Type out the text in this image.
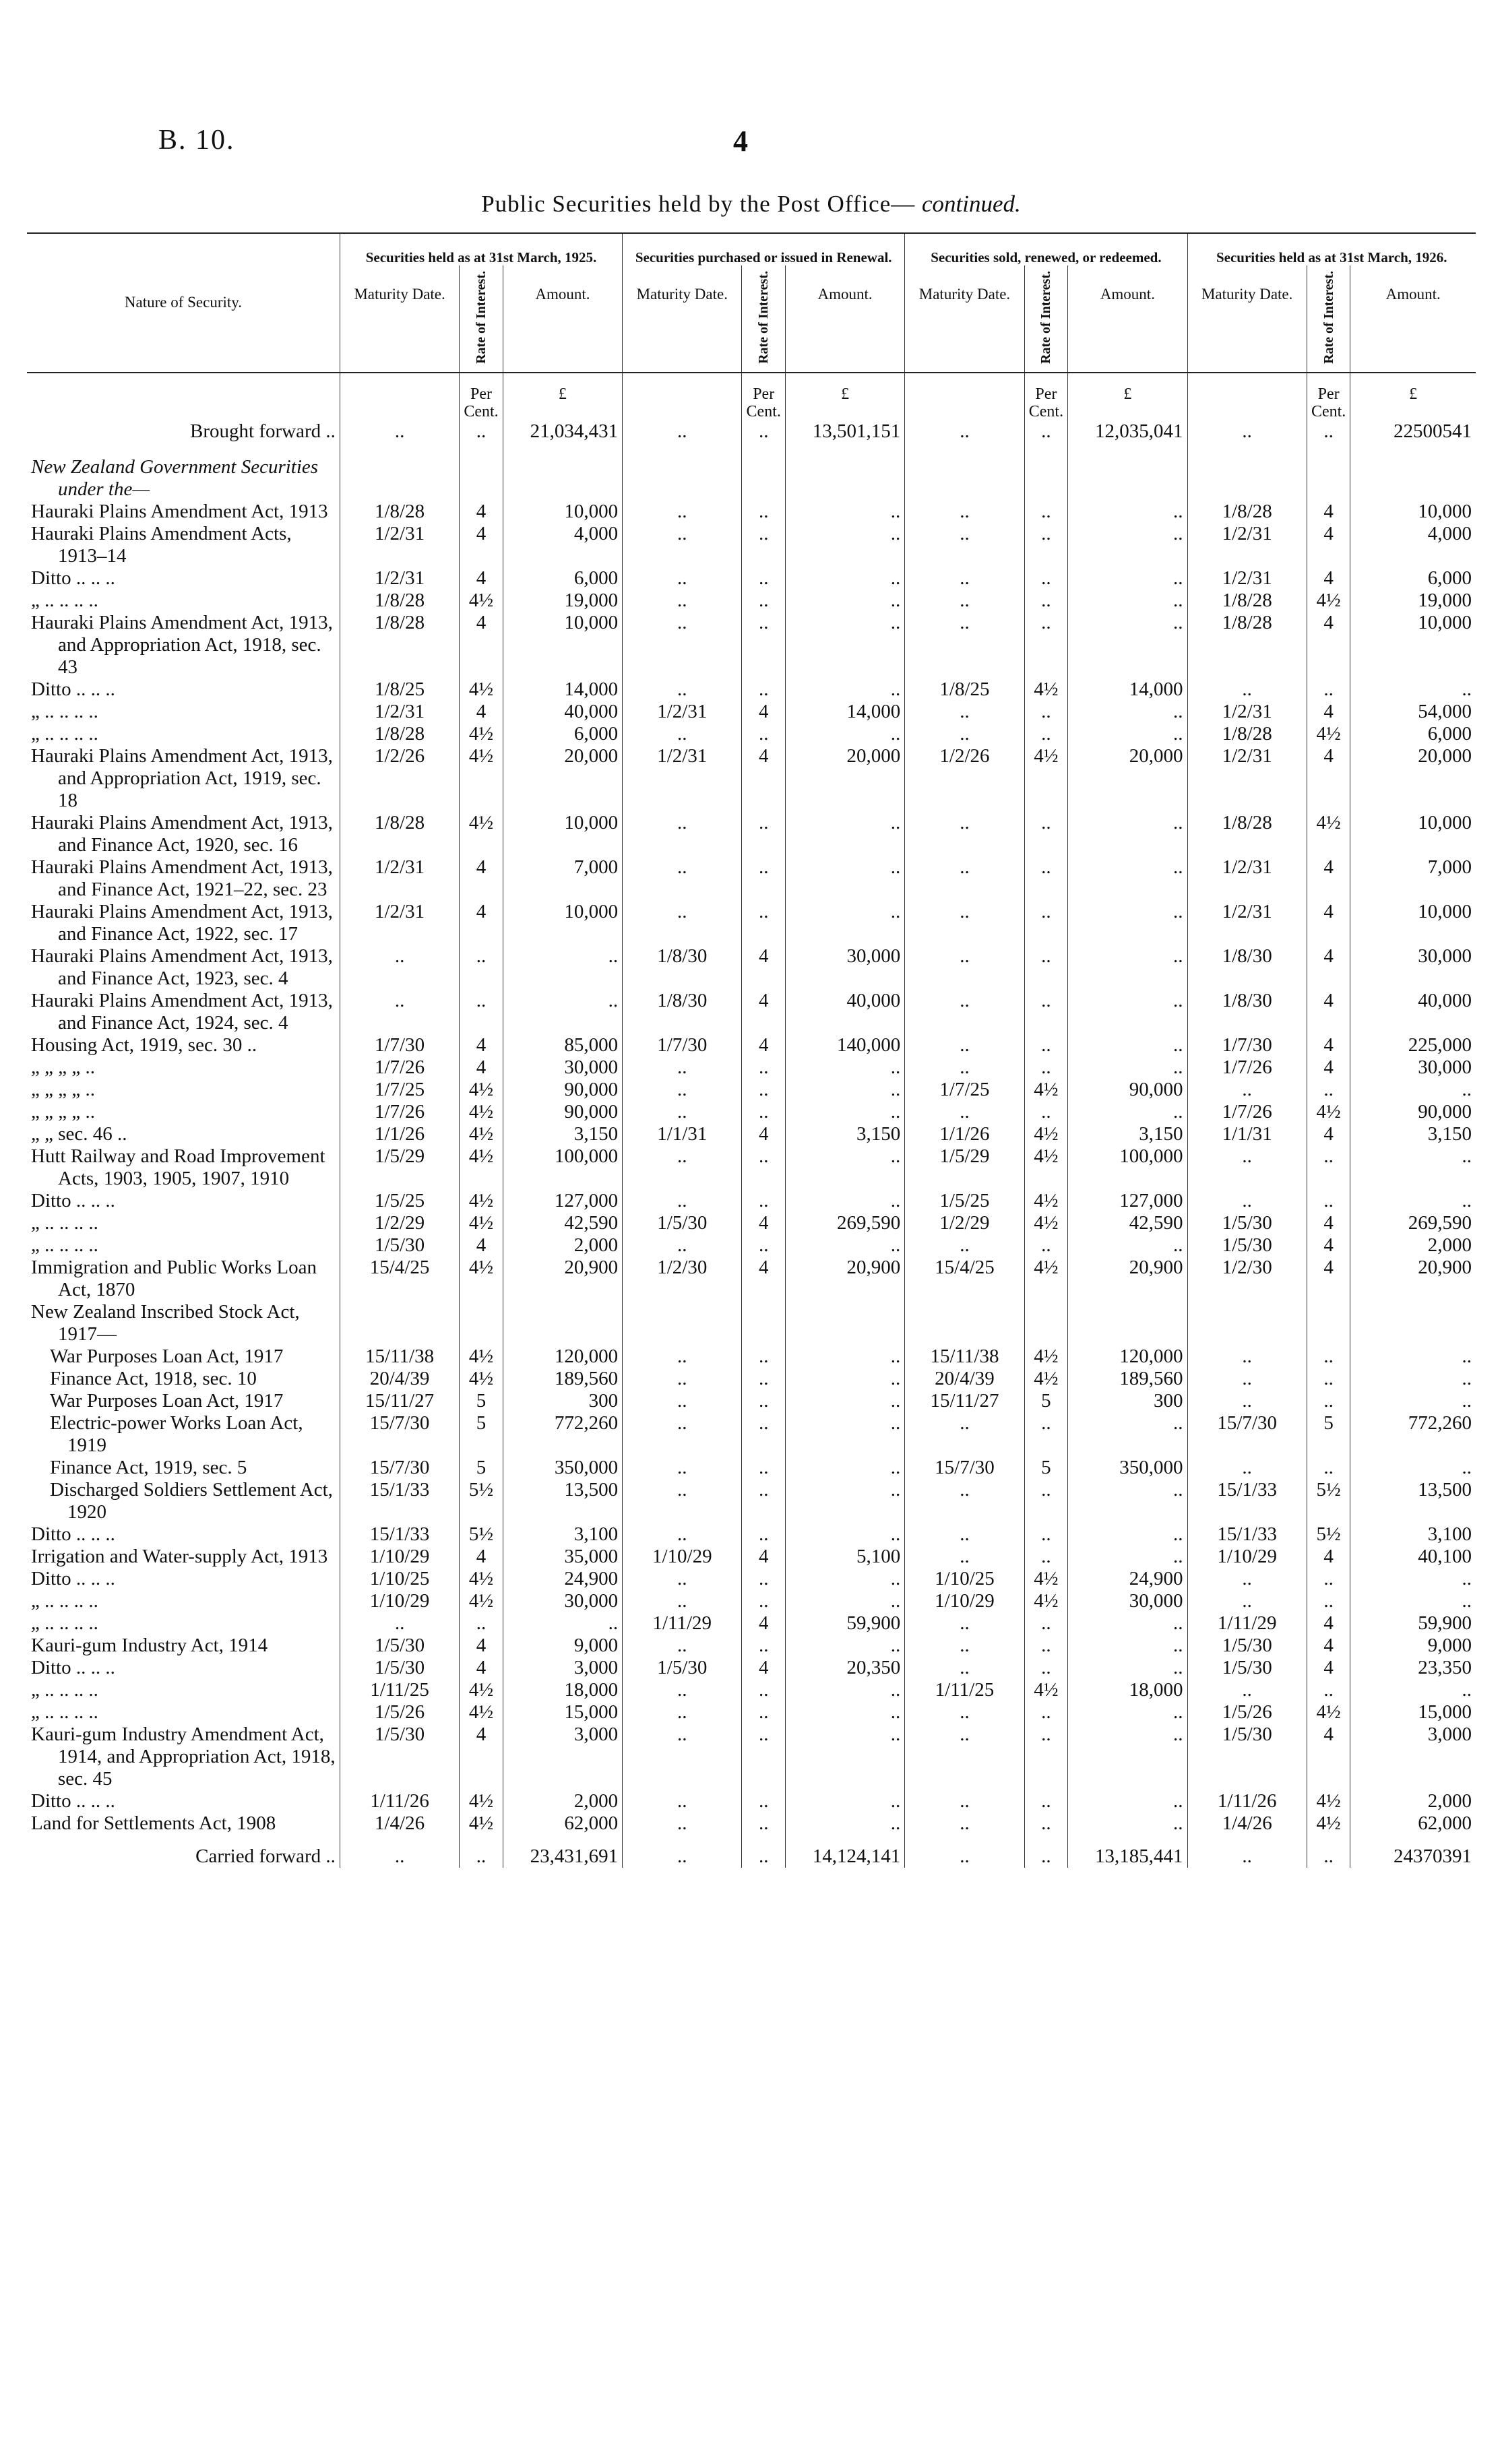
B. 10.	4
Public Securities held by the Post Office— continued.
Nature of Security.	Securities held as at 31st March, 1925.			Securities purchased or issued in Renewal.			Securities sold, renewed, or redeemed.			Securities held as at 31st March, 1926.		
	Maturity Date.	Rate of Interest.	Amount.	Maturity Date.	Rate of Interest.	Amount.	Maturity Date.	Rate of Interest.	Amount.	Maturity Date.	Rate of Interest.	Amount.
		Per Cent.	£		Per Cent.	£		Per Cent.	£		Per Cent.	£
Brought forward ..	..	..	21,034,431	..	..	13,501,151	..	..	12,035,041	..	..	22500541
New Zealand Government Securities under the—												
Hauraki Plains Amendment Act, 1913	1/8/28	4	10,000	..	..	..	..	..	..	1/8/28	4	10,000
Hauraki Plains Amendment Acts, 1913–14	1/2/31	4	4,000	..	..	..	..	..	..	1/2/31	4	4,000
Ditto .. .. ..	1/2/31	4	6,000	..	..	..	..	..	..	1/2/31	4	6,000
„ .. .. .. ..	1/8/28	4½	19,000	..	..	..	..	..	..	1/8/28	4½	19,000
Hauraki Plains Amendment Act, 1913, and Appropriation Act, 1918, sec. 43	1/8/28	4	10,000	..	..	..	..	..	..	1/8/28	4	10,000
Ditto .. .. ..	1/8/25	4½	14,000	..	..	..	1/8/25	4½	14,000	..	..	..
„ .. .. .. ..	1/2/31	4	40,000	1/2/31	4	14,000	..	..	..	1/2/31	4	54,000
„ .. .. .. ..	1/8/28	4½	6,000	..	..	..	..	..	..	1/8/28	4½	6,000
Hauraki Plains Amendment Act, 1913, and Appropriation Act, 1919, sec. 18	1/2/26	4½	20,000	1/2/31	4	20,000	1/2/26	4½	20,000	1/2/31	4	20,000
Hauraki Plains Amendment Act, 1913, and Finance Act, 1920, sec. 16	1/8/28	4½	10,000	..	..	..	..	..	..	1/8/28	4½	10,000
Hauraki Plains Amendment Act, 1913, and Finance Act, 1921–22, sec. 23	1/2/31	4	7,000	..	..	..	..	..	..	1/2/31	4	7,000
Hauraki Plains Amendment Act, 1913, and Finance Act, 1922, sec. 17	1/2/31	4	10,000	..	..	..	..	..	..	1/2/31	4	10,000
Hauraki Plains Amendment Act, 1913, and Finance Act, 1923, sec. 4	..	..	..	1/8/30	4	30,000	..	..	..	1/8/30	4	30,000
Hauraki Plains Amendment Act, 1913, and Finance Act, 1924, sec. 4	..	..	..	1/8/30	4	40,000	..	..	..	1/8/30	4	40,000
Housing Act, 1919, sec. 30 ..	1/7/30	4	85,000	1/7/30	4	140,000	..	..	..	1/7/30	4	225,000
„ „ „ „ ..	1/7/26	4	30,000	..	..	..	..	..	..	1/7/26	4	30,000
„ „ „ „ ..	1/7/25	4½	90,000	..	..	..	1/7/25	4½	90,000	..	..	..
„ „ „ „ ..	1/7/26	4½	90,000	..	..	..	..	..	..	1/7/26	4½	90,000
„ „ sec. 46 ..	1/1/26	4½	3,150	1/1/31	4	3,150	1/1/26	4½	3,150	1/1/31	4	3,150
Hutt Railway and Road Improvement Acts, 1903, 1905, 1907, 1910	1/5/29	4½	100,000	..	..	..	1/5/29	4½	100,000	..	..	..
Ditto .. .. ..	1/5/25	4½	127,000	..	..	..	1/5/25	4½	127,000	..	..	..
„ .. .. .. ..	1/2/29	4½	42,590	1/5/30	4	269,590	1/2/29	4½	42,590	1/5/30	4	269,590
„ .. .. .. ..	1/5/30	4	2,000	..	..	..	..	..	..	1/5/30	4	2,000
Immigration and Public Works Loan Act, 1870	15/4/25	4½	20,900	1/2/30	4	20,900	15/4/25	4½	20,900	1/2/30	4	20,900
New Zealand Inscribed Stock Act, 1917—												
War Purposes Loan Act, 1917	15/11/38	4½	120,000	..	..	..	15/11/38	4½	120,000	..	..	..
Finance Act, 1918, sec. 10	20/4/39	4½	189,560	..	..	..	20/4/39	4½	189,560	..	..	..
War Purposes Loan Act, 1917	15/11/27	5	300	..	..	..	15/11/27	5	300	..	..	..
Electric-power Works Loan Act, 1919	15/7/30	5	772,260	..	..	..	..	..	..	15/7/30	5	772,260
Finance Act, 1919, sec. 5	15/7/30	5	350,000	..	..	..	15/7/30	5	350,000	..	..	..
Discharged Soldiers Settlement Act, 1920	15/1/33	5½	13,500	..	..	..	..	..	..	15/1/33	5½	13,500
Ditto .. .. ..	15/1/33	5½	3,100	..	..	..	..	..	..	15/1/33	5½	3,100
Irrigation and Water-supply Act, 1913	1/10/29	4	35,000	1/10/29	4	5,100	..	..	..	1/10/29	4	40,100
Ditto .. .. ..	1/10/25	4½	24,900	..	..	..	1/10/25	4½	24,900	..	..	..
„ .. .. .. ..	1/10/29	4½	30,000	..	..	..	1/10/29	4½	30,000	..	..	..
„ .. .. .. ..	..	..	..	1/11/29	4	59,900	..	..	..	1/11/29	4	59,900
Kauri-gum Industry Act, 1914	1/5/30	4	9,000	..	..	..	..	..	..	1/5/30	4	9,000
Ditto .. .. ..	1/5/30	4	3,000	1/5/30	4	20,350	..	..	..	1/5/30	4	23,350
„ .. .. .. ..	1/11/25	4½	18,000	..	..	..	1/11/25	4½	18,000	..	..	..
„ .. .. .. ..	1/5/26	4½	15,000	..	..	..	..	..	..	1/5/26	4½	15,000
Kauri-gum Industry Amendment Act, 1914, and Appropriation Act, 1918, sec. 45	1/5/30	4	3,000	..	..	..	..	..	..	1/5/30	4	3,000
Ditto .. .. ..	1/11/26	4½	2,000	..	..	..	..	..	..	1/11/26	4½	2,000
Land for Settlements Act, 1908	1/4/26	4½	62,000	..	..	..	..	..	..	1/4/26	4½	62,000
Carried forward ..	..	..	23,431,691	..	..	14,124,141	..	..	13,185,441	..	..	24370391
